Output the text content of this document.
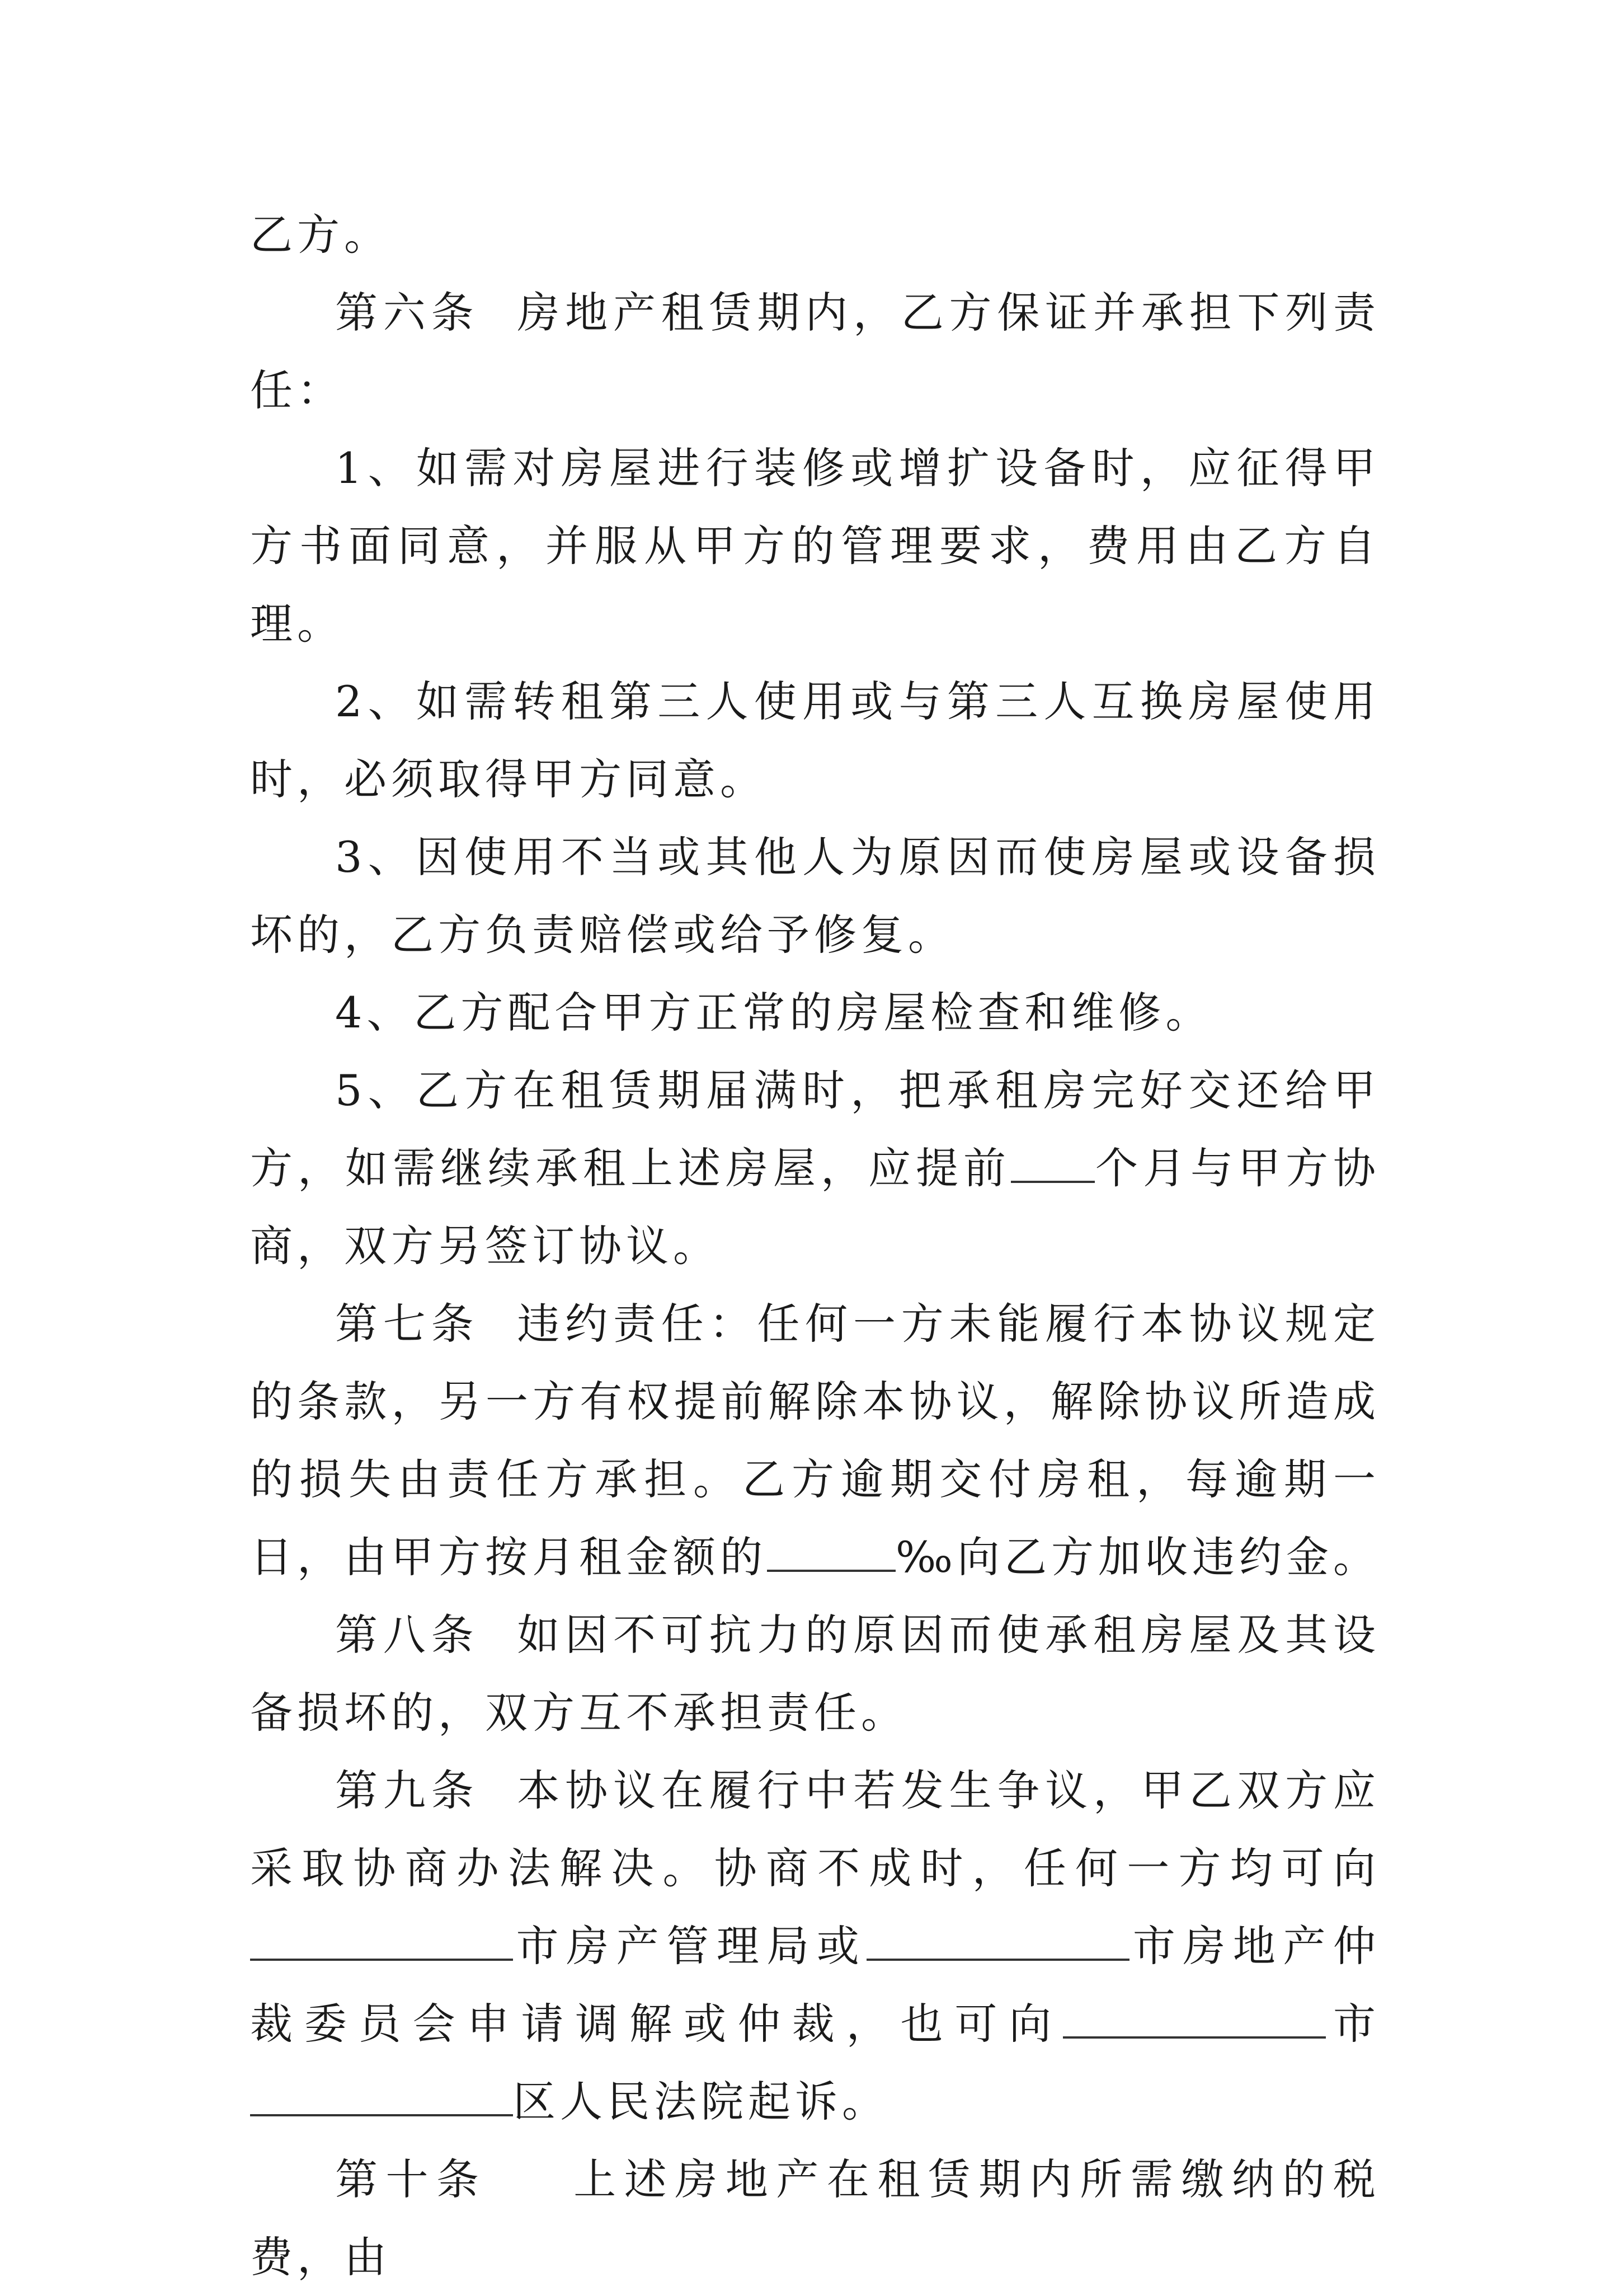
乙方。

第六条  房地产租赁期内，乙方保证并承担下列责任：

1、如需对房屋进行装修或增扩设备时，应征得甲方书面同意，并服从甲方的管理要求，费用由乙方自理。

2、如需转租第三人使用或与第三人互换房屋使用时，必须取得甲方同意。

3、因使用不当或其他人为原因而使房屋或设备损坏的，乙方负责赔偿或给予修复。

4、乙方配合甲方正常的房屋检查和维修。

5、乙方在租赁期届满时，把承租房完好交还给甲方，如需继续承租上述房屋，应提前 个月与甲方协商，双方另签订协议。

第七条  违约责任：任何一方未能履行本协议规定的条款，另一方有权提前解除本协议，解除协议所造成的损失由责任方承担。乙方逾期交付房租，每逾期一日，由甲方按月租金额的	‰向乙方加收违约金。

第八条  如因不可抗力的原因而使承租房屋及其设备损坏的，双方互不承担责任。

第九条  本协议在履行中若发生争议，甲乙双方应采取协商办法解决。协商不成时，任何一方均可向市房产管理局或	市房地产仲裁委员会申请调解或仲裁，也可向	市区人民法院起诉。

第十条    上述房地产在租赁期内所需缴纳的税费，由
